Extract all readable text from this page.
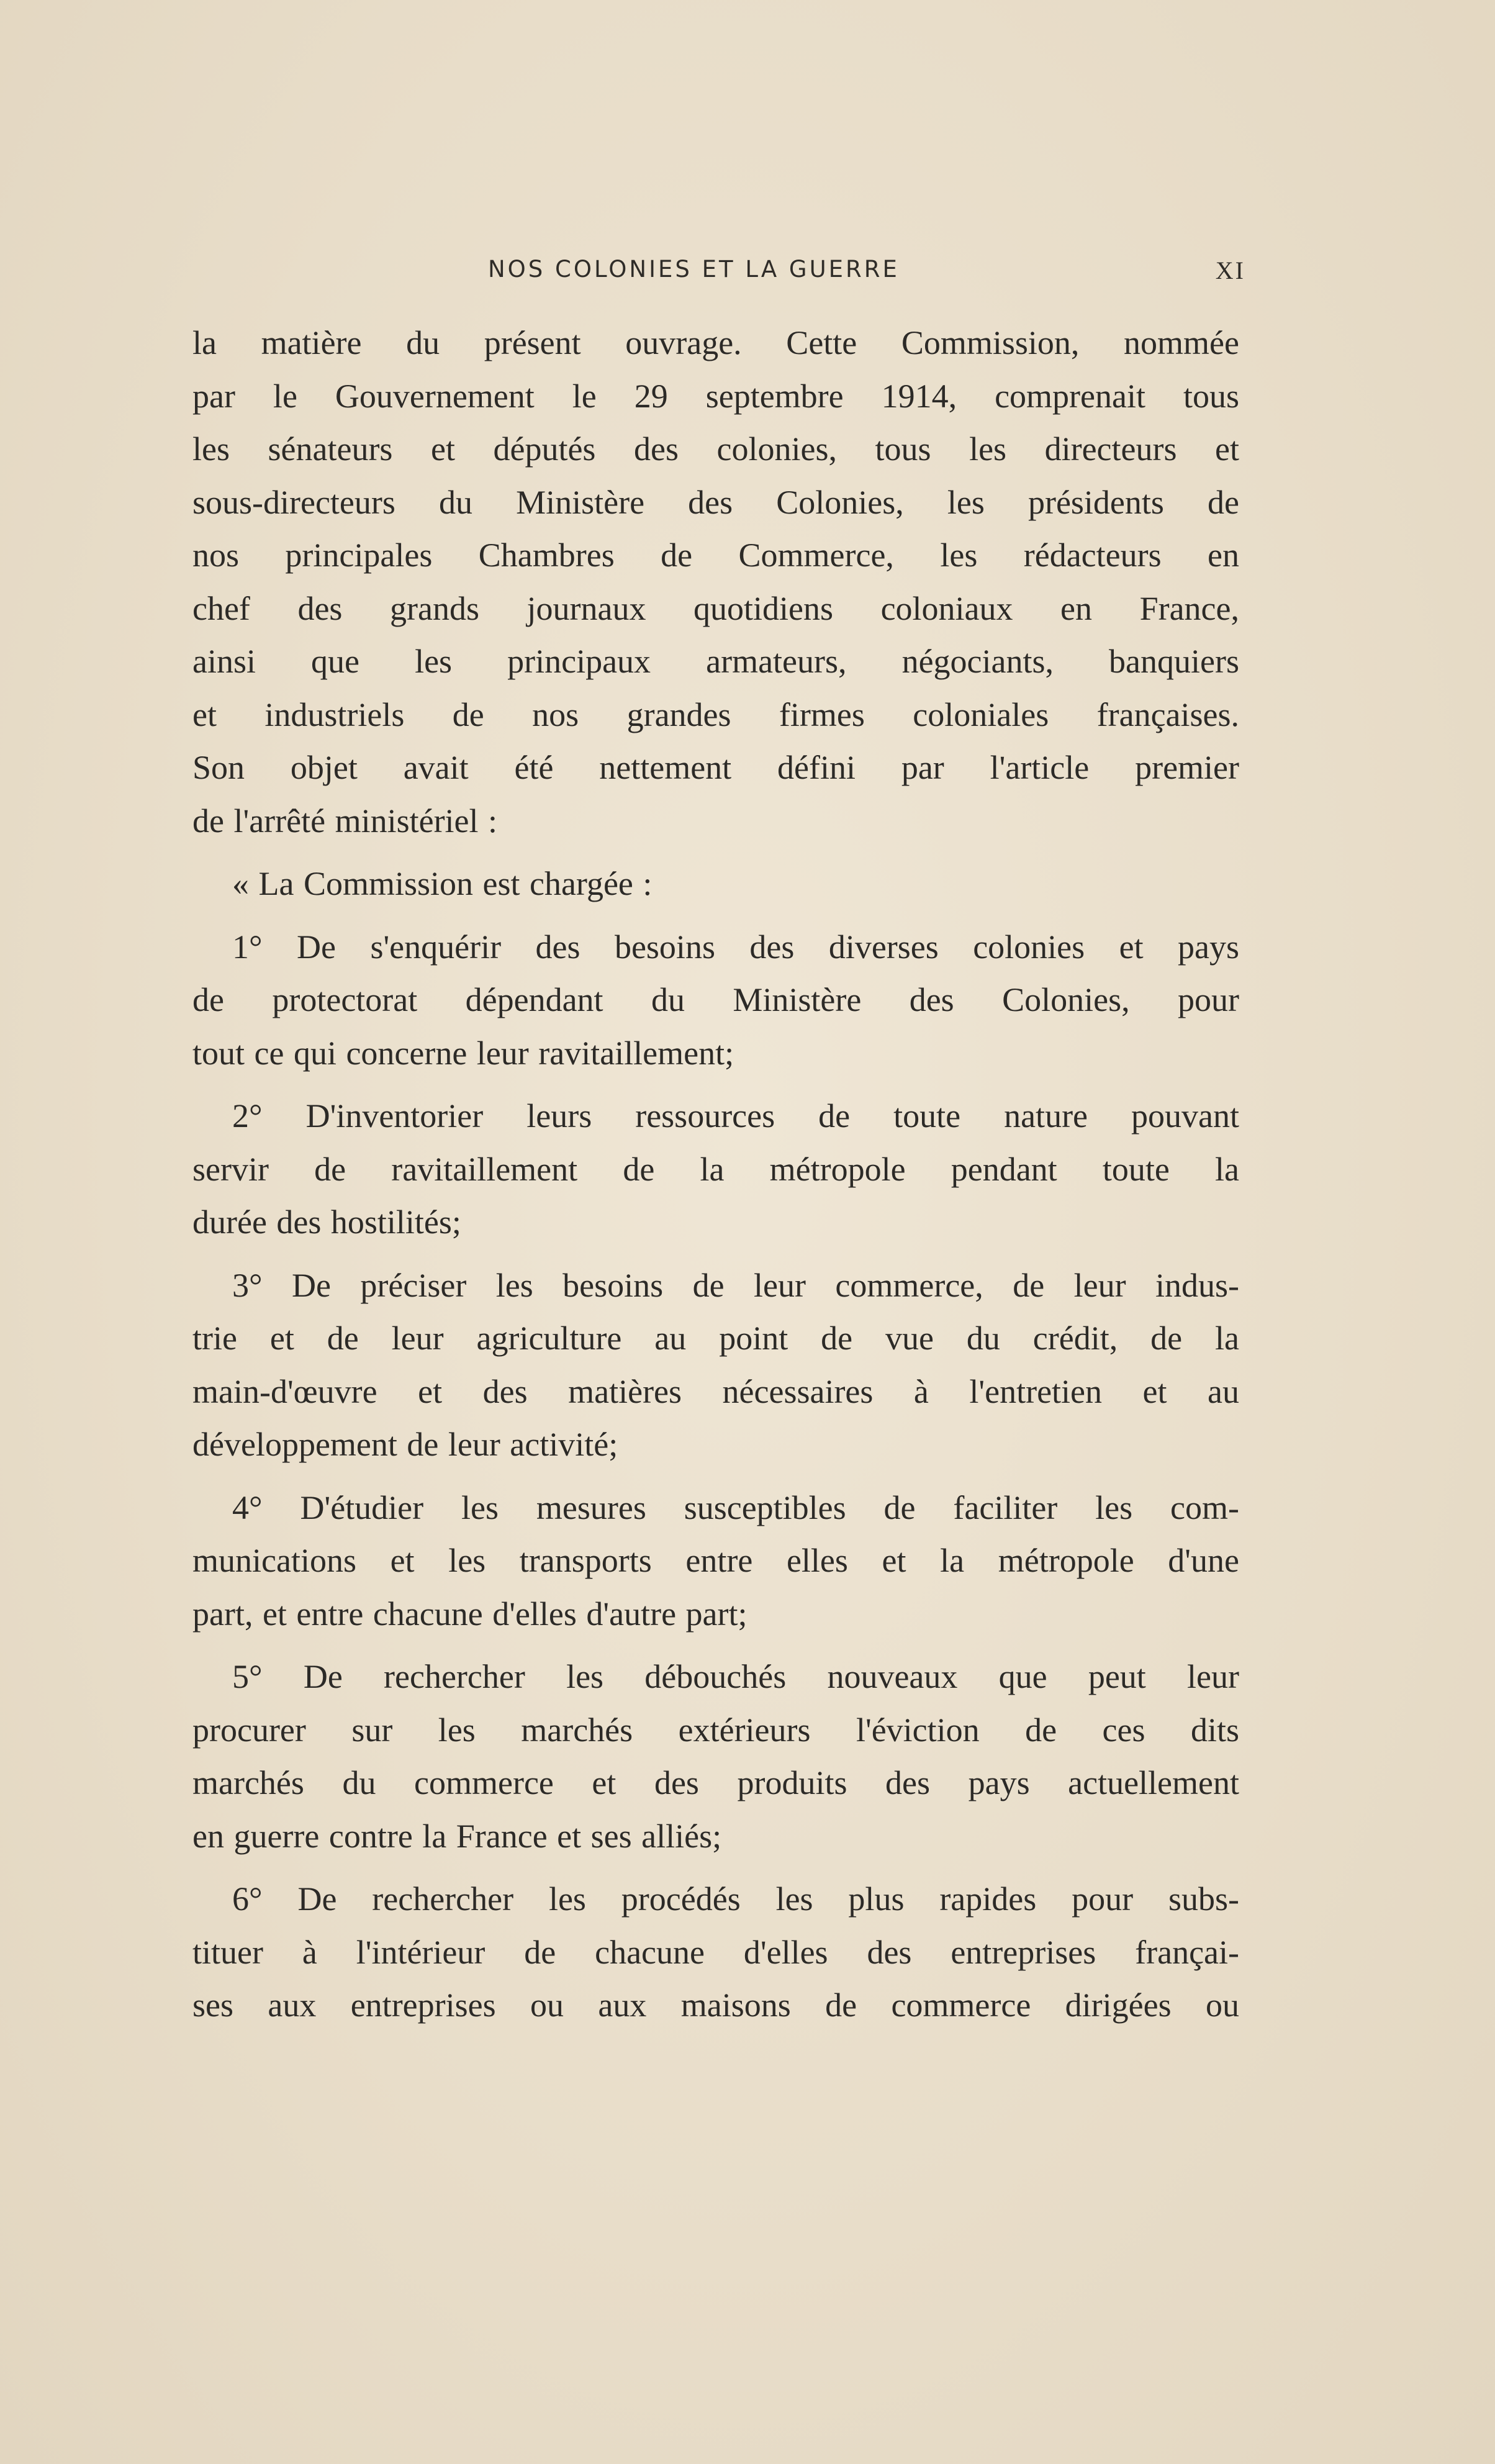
NOS COLONIES ET LA GUERRE	XI
la matière du présent ouvrage. Cette Commission, nommée
par le Gouvernement le 29 septembre 1914, comprenait tous
les sénateurs et députés des colonies, tous les directeurs et
sous-directeurs du Ministère des Colonies, les présidents de
nos principales Chambres de Commerce, les rédacteurs en
chef des grands journaux quotidiens coloniaux en France,
ainsi que les principaux armateurs, négociants, banquiers
et industriels de nos grandes firmes coloniales françaises.
Son objet avait été nettement défini par l'article premier
de l'arrêté ministériel :
« La Commission est chargée :
1° De s'enquérir des besoins des diverses colonies et pays
de protectorat dépendant du Ministère des Colonies, pour
tout ce qui concerne leur ravitaillement;
2° D'inventorier leurs ressources de toute nature pouvant
servir de ravitaillement de la métropole pendant toute la
durée des hostilités;
3° De préciser les besoins de leur commerce, de leur indus-
trie et de leur agriculture au point de vue du crédit, de la
main-d'œuvre et des matières nécessaires à l'entretien et au
développement de leur activité;
4° D'étudier les mesures susceptibles de faciliter les com-
munications et les transports entre elles et la métropole d'une
part, et entre chacune d'elles d'autre part;
5° De rechercher les débouchés nouveaux que peut leur
procurer sur les marchés extérieurs l'éviction de ces dits
marchés du commerce et des produits des pays actuellement
en guerre contre la France et ses alliés;
6° De rechercher les procédés les plus rapides pour subs-
tituer à l'intérieur de chacune d'elles des entreprises françai-
ses aux entreprises ou aux maisons de commerce dirigées ou
